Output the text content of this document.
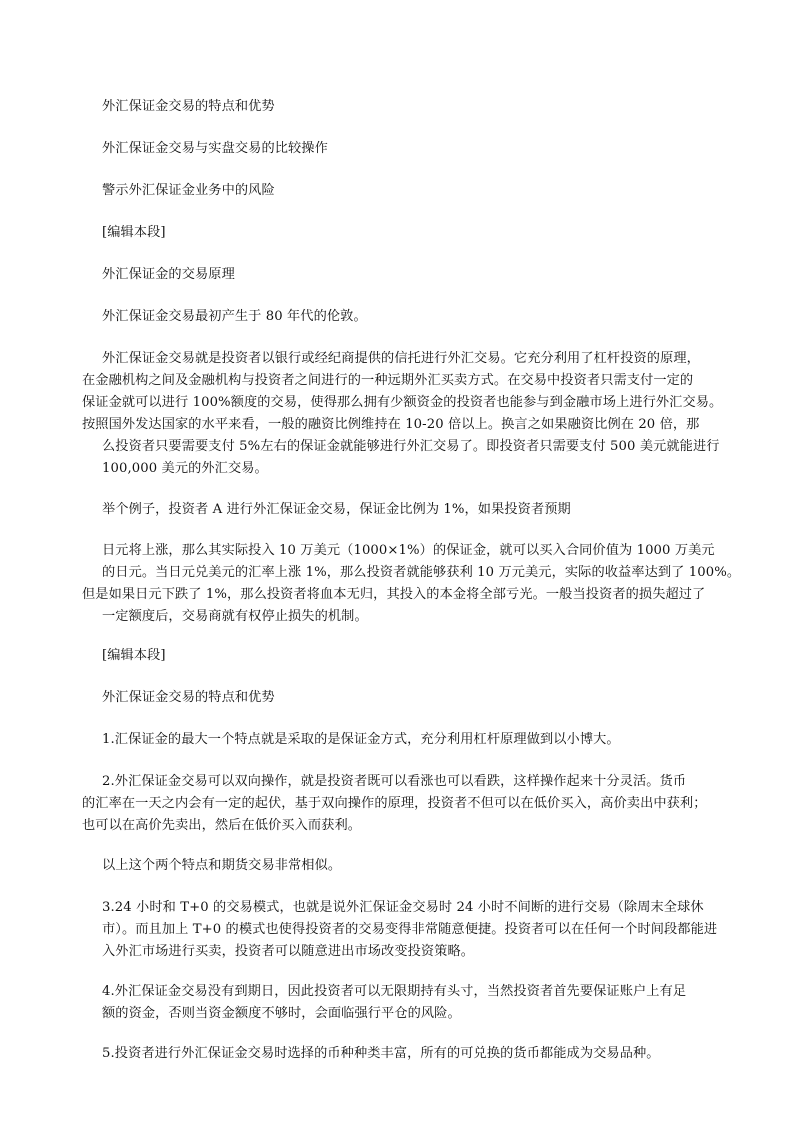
外汇保证金交易的特点和优势

外汇保证金交易与实盘交易的比较操作

警示外汇保证金业务中的风险

[编辑本段]

外汇保证金的交易原理

外汇保证金交易最初产生于 80 年代的伦敦。

外汇保证金交易就是投资者以银行或经纪商提供的信托进行外汇交易。它充分利用了杠杆投资的原理，
在金融机构之间及金融机构与投资者之间进行的一种远期外汇买卖方式。在交易中投资者只需支付一定的
保证金就可以进行 100%额度的交易，使得那么拥有少额资金的投资者也能参与到金融市场上进行外汇交易。
按照国外发达国家的水平来看，一般的融资比例维持在 10-20 倍以上。换言之如果融资比例在 20 倍，那
么投资者只要需要支付 5%左右的保证金就能够进行外汇交易了。即投资者只需要支付 500 美元就能进行
100,000 美元的外汇交易。

举个例子，投资者 A 进行外汇保证金交易，保证金比例为 1%，如果投资者预期

日元将上涨，那么其实际投入 10 万美元（1000×1%）的保证金，就可以买入合同价值为 1000 万美元
的日元。当日元兑美元的汇率上涨 1%，那么投资者就能够获利 10 万元美元，实际的收益率达到了 100%。
但是如果日元下跌了 1%，那么投资者将血本无归，其投入的本金将全部亏光。一般当投资者的损失超过了
一定额度后，交易商就有权停止损失的机制。

[编辑本段]

外汇保证金交易的特点和优势

1.汇保证金的最大一个特点就是采取的是保证金方式，充分利用杠杆原理做到以小博大。

2.外汇保证金交易可以双向操作，就是投资者既可以看涨也可以看跌，这样操作起来十分灵活。货币
的汇率在一天之内会有一定的起伏，基于双向操作的原理，投资者不但可以在低价买入，高价卖出中获利；
也可以在高价先卖出，然后在低价买入而获利。

以上这个两个特点和期货交易非常相似。

3.24 小时和 T+0 的交易模式，也就是说外汇保证金交易时 24 小时不间断的进行交易（除周末全球休
市）。而且加上 T+0 的模式也使得投资者的交易变得非常随意便捷。投资者可以在任何一个时间段都能进
入外汇市场进行买卖，投资者可以随意进出市场改变投资策略。
4.外汇保证金交易没有到期日，因此投资者可以无限期持有头寸，当然投资者首先要保证账户上有足
额的资金，否则当资金额度不够时，会面临强行平仓的风险。

5.投资者进行外汇保证金交易时选择的币种种类丰富，所有的可兑换的货币都能成为交易品种。
